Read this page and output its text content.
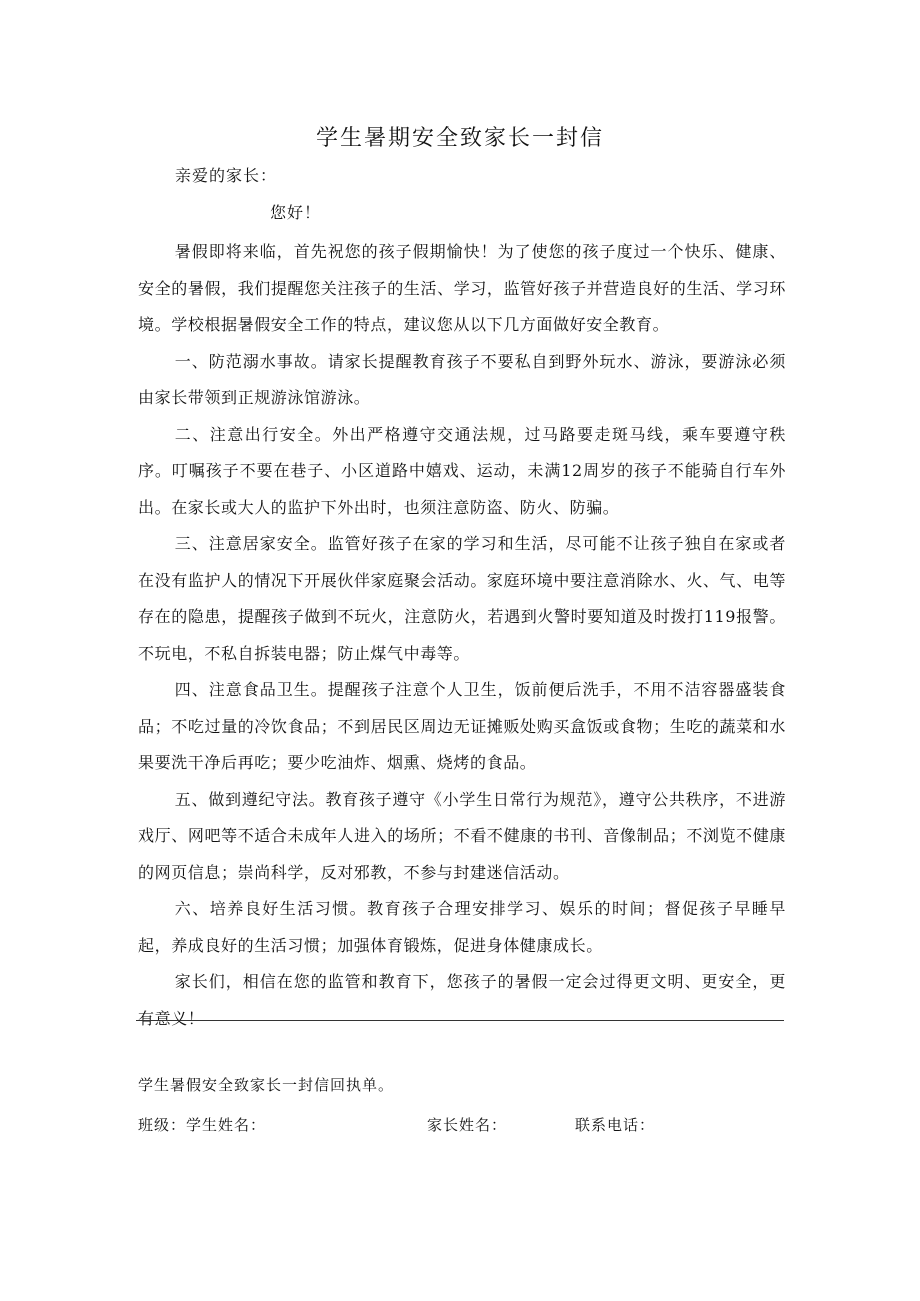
学生暑期安全致家长一封信
亲爱的家长：
您好！

暑假即将来临，首先祝您的孩子假期愉快！为了使您的孩子度过一个快乐、健康、安全的暑假，我们提醒您关注孩子的生活、学习，监管好孩子并营造良好的生活、学习环境。学校根据暑假安全工作的特点，建议您从以下几方面做好安全教育。

一、防范溺水事故。请家长提醒教育孩子不要私自到野外玩水、游泳，要游泳必须由家长带领到正规游泳馆游泳。

二、注意出行安全。外出严格遵守交通法规，过马路要走斑马线，乘车要遵守秩序。叮嘱孩子不要在巷子、小区道路中嬉戏、运动，未满12周岁的孩子不能骑自行车外出。在家长或大人的监护下外出时，也须注意防盗、防火、防骗。

三、注意居家安全。监管好孩子在家的学习和生活，尽可能不让孩子独自在家或者在没有监护人的情况下开展伙伴家庭聚会活动。家庭环境中要注意消除水、火、气、电等存在的隐患，提醒孩子做到不玩火，注意防火，若遇到火警时要知道及时拨打119报警。不玩电，不私自拆装电器；防止煤气中毒等。

四、注意食品卫生。提醒孩子注意个人卫生，饭前便后洗手，不用不洁容器盛装食品；不吃过量的冷饮食品；不到居民区周边无证摊贩处购买盒饭或食物；生吃的蔬菜和水果要洗干净后再吃；要少吃油炸、烟熏、烧烤的食品。

五、做到遵纪守法。教育孩子遵守《小学生日常行为规范》，遵守公共秩序，不进游戏厅、网吧等不适合未成年人进入的场所；不看不健康的书刊、音像制品；不浏览不健康的网页信息；崇尚科学，反对邪教，不参与封建迷信活动。

六、培养良好生活习惯。教育孩子合理安排学习、娱乐的时间；督促孩子早睡早起，养成良好的生活习惯；加强体育锻炼，促进身体健康成长。

家长们，相信在您的监管和教育下，您孩子的暑假一定会过得更文明、更安全，更有意义！

学生暑假安全致家长一封信回执单。
班级：学生姓名：	家长姓名：	联系电话：
